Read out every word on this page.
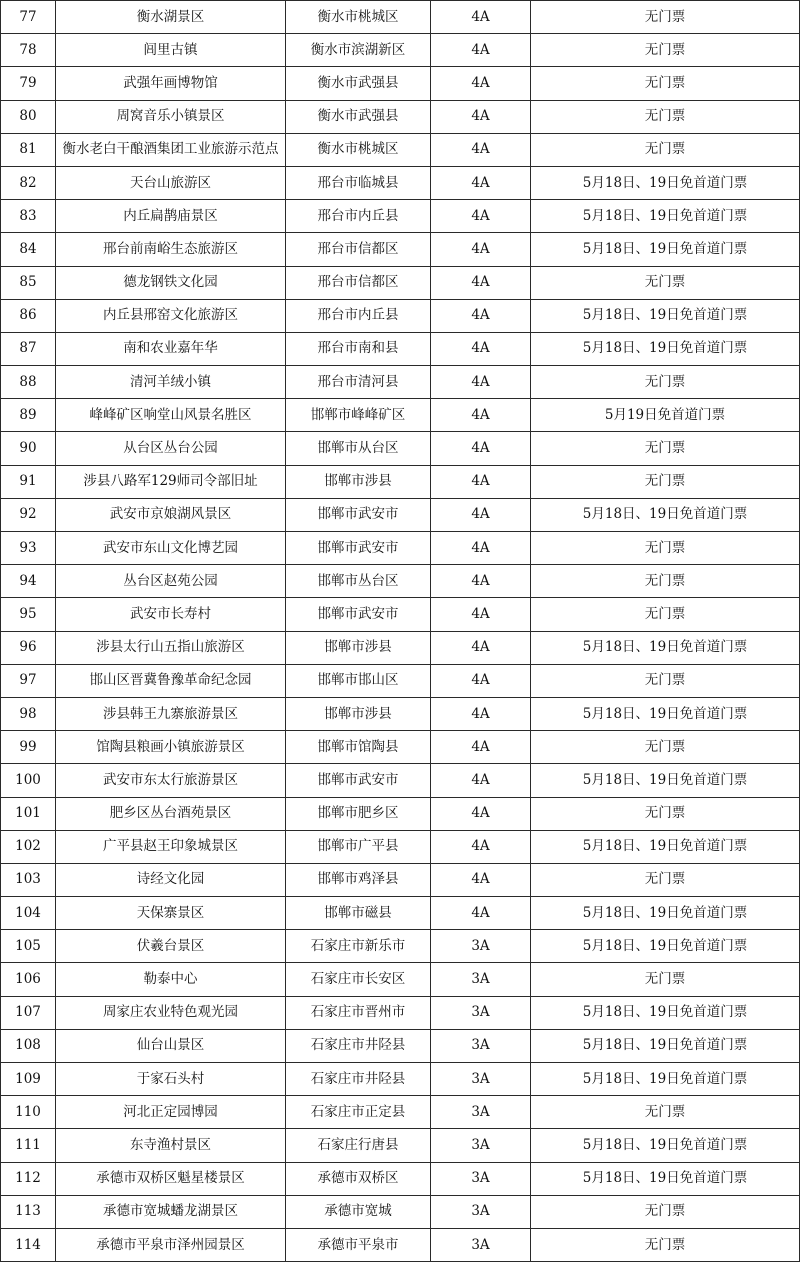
77	衡水湖景区	衡水市桃城区	4A	无门票
78	闾里古镇	衡水市滨湖新区	4A	无门票
79	武强年画博物馆	衡水市武强县	4A	无门票
80	周窝音乐小镇景区	衡水市武强县	4A	无门票
81	衡水老白干酿酒集团工业旅游示范点	衡水市桃城区	4A	无门票
82	天台山旅游区	邢台市临城县	4A	5月18日、19日免首道门票
83	内丘扁鹊庙景区	邢台市内丘县	4A	5月18日、19日免首道门票
84	邢台前南峪生态旅游区	邢台市信都区	4A	5月18日、19日免首道门票
85	德龙钢铁文化园	邢台市信都区	4A	无门票
86	内丘县邢窑文化旅游区	邢台市内丘县	4A	5月18日、19日免首道门票
87	南和农业嘉年华	邢台市南和县	4A	5月18日、19日免首道门票
88	清河羊绒小镇	邢台市清河县	4A	无门票
89	峰峰矿区响堂山风景名胜区	邯郸市峰峰矿区	4A	5月19日免首道门票
90	从台区丛台公园	邯郸市从台区	4A	无门票
91	涉县八路军129师司令部旧址	邯郸市涉县	4A	无门票
92	武安市京娘湖风景区	邯郸市武安市	4A	5月18日、19日免首道门票
93	武安市东山文化博艺园	邯郸市武安市	4A	无门票
94	丛台区赵苑公园	邯郸市丛台区	4A	无门票
95	武安市长寿村	邯郸市武安市	4A	无门票
96	涉县太行山五指山旅游区	邯郸市涉县	4A	5月18日、19日免首道门票
97	邯山区晋冀鲁豫革命纪念园	邯郸市邯山区	4A	无门票
98	涉县韩王九寨旅游景区	邯郸市涉县	4A	5月18日、19日免首道门票
99	馆陶县粮画小镇旅游景区	邯郸市馆陶县	4A	无门票
100	武安市东太行旅游景区	邯郸市武安市	4A	5月18日、19日免首道门票
101	肥乡区丛台酒苑景区	邯郸市肥乡区	4A	无门票
102	广平县赵王印象城景区	邯郸市广平县	4A	5月18日、19日免首道门票
103	诗经文化园	邯郸市鸡泽县	4A	无门票
104	天保寨景区	邯郸市磁县	4A	5月18日、19日免首道门票
105	伏羲台景区	石家庄市新乐市	3A	5月18日、19日免首道门票
106	勒泰中心	石家庄市长安区	3A	无门票
107	周家庄农业特色观光园	石家庄市晋州市	3A	5月18日、19日免首道门票
108	仙台山景区	石家庄市井陉县	3A	5月18日、19日免首道门票
109	于家石头村	石家庄市井陉县	3A	5月18日、19日免首道门票
110	河北正定园博园	石家庄市正定县	3A	无门票
111	东寺渔村景区	石家庄行唐县	3A	5月18日、19日免首道门票
112	承德市双桥区魁星楼景区	承德市双桥区	3A	5月18日、19日免首道门票
113	承德市宽城蟠龙湖景区	承德市宽城	3A	无门票
114	承德市平泉市泽州园景区	承德市平泉市	3A	无门票
